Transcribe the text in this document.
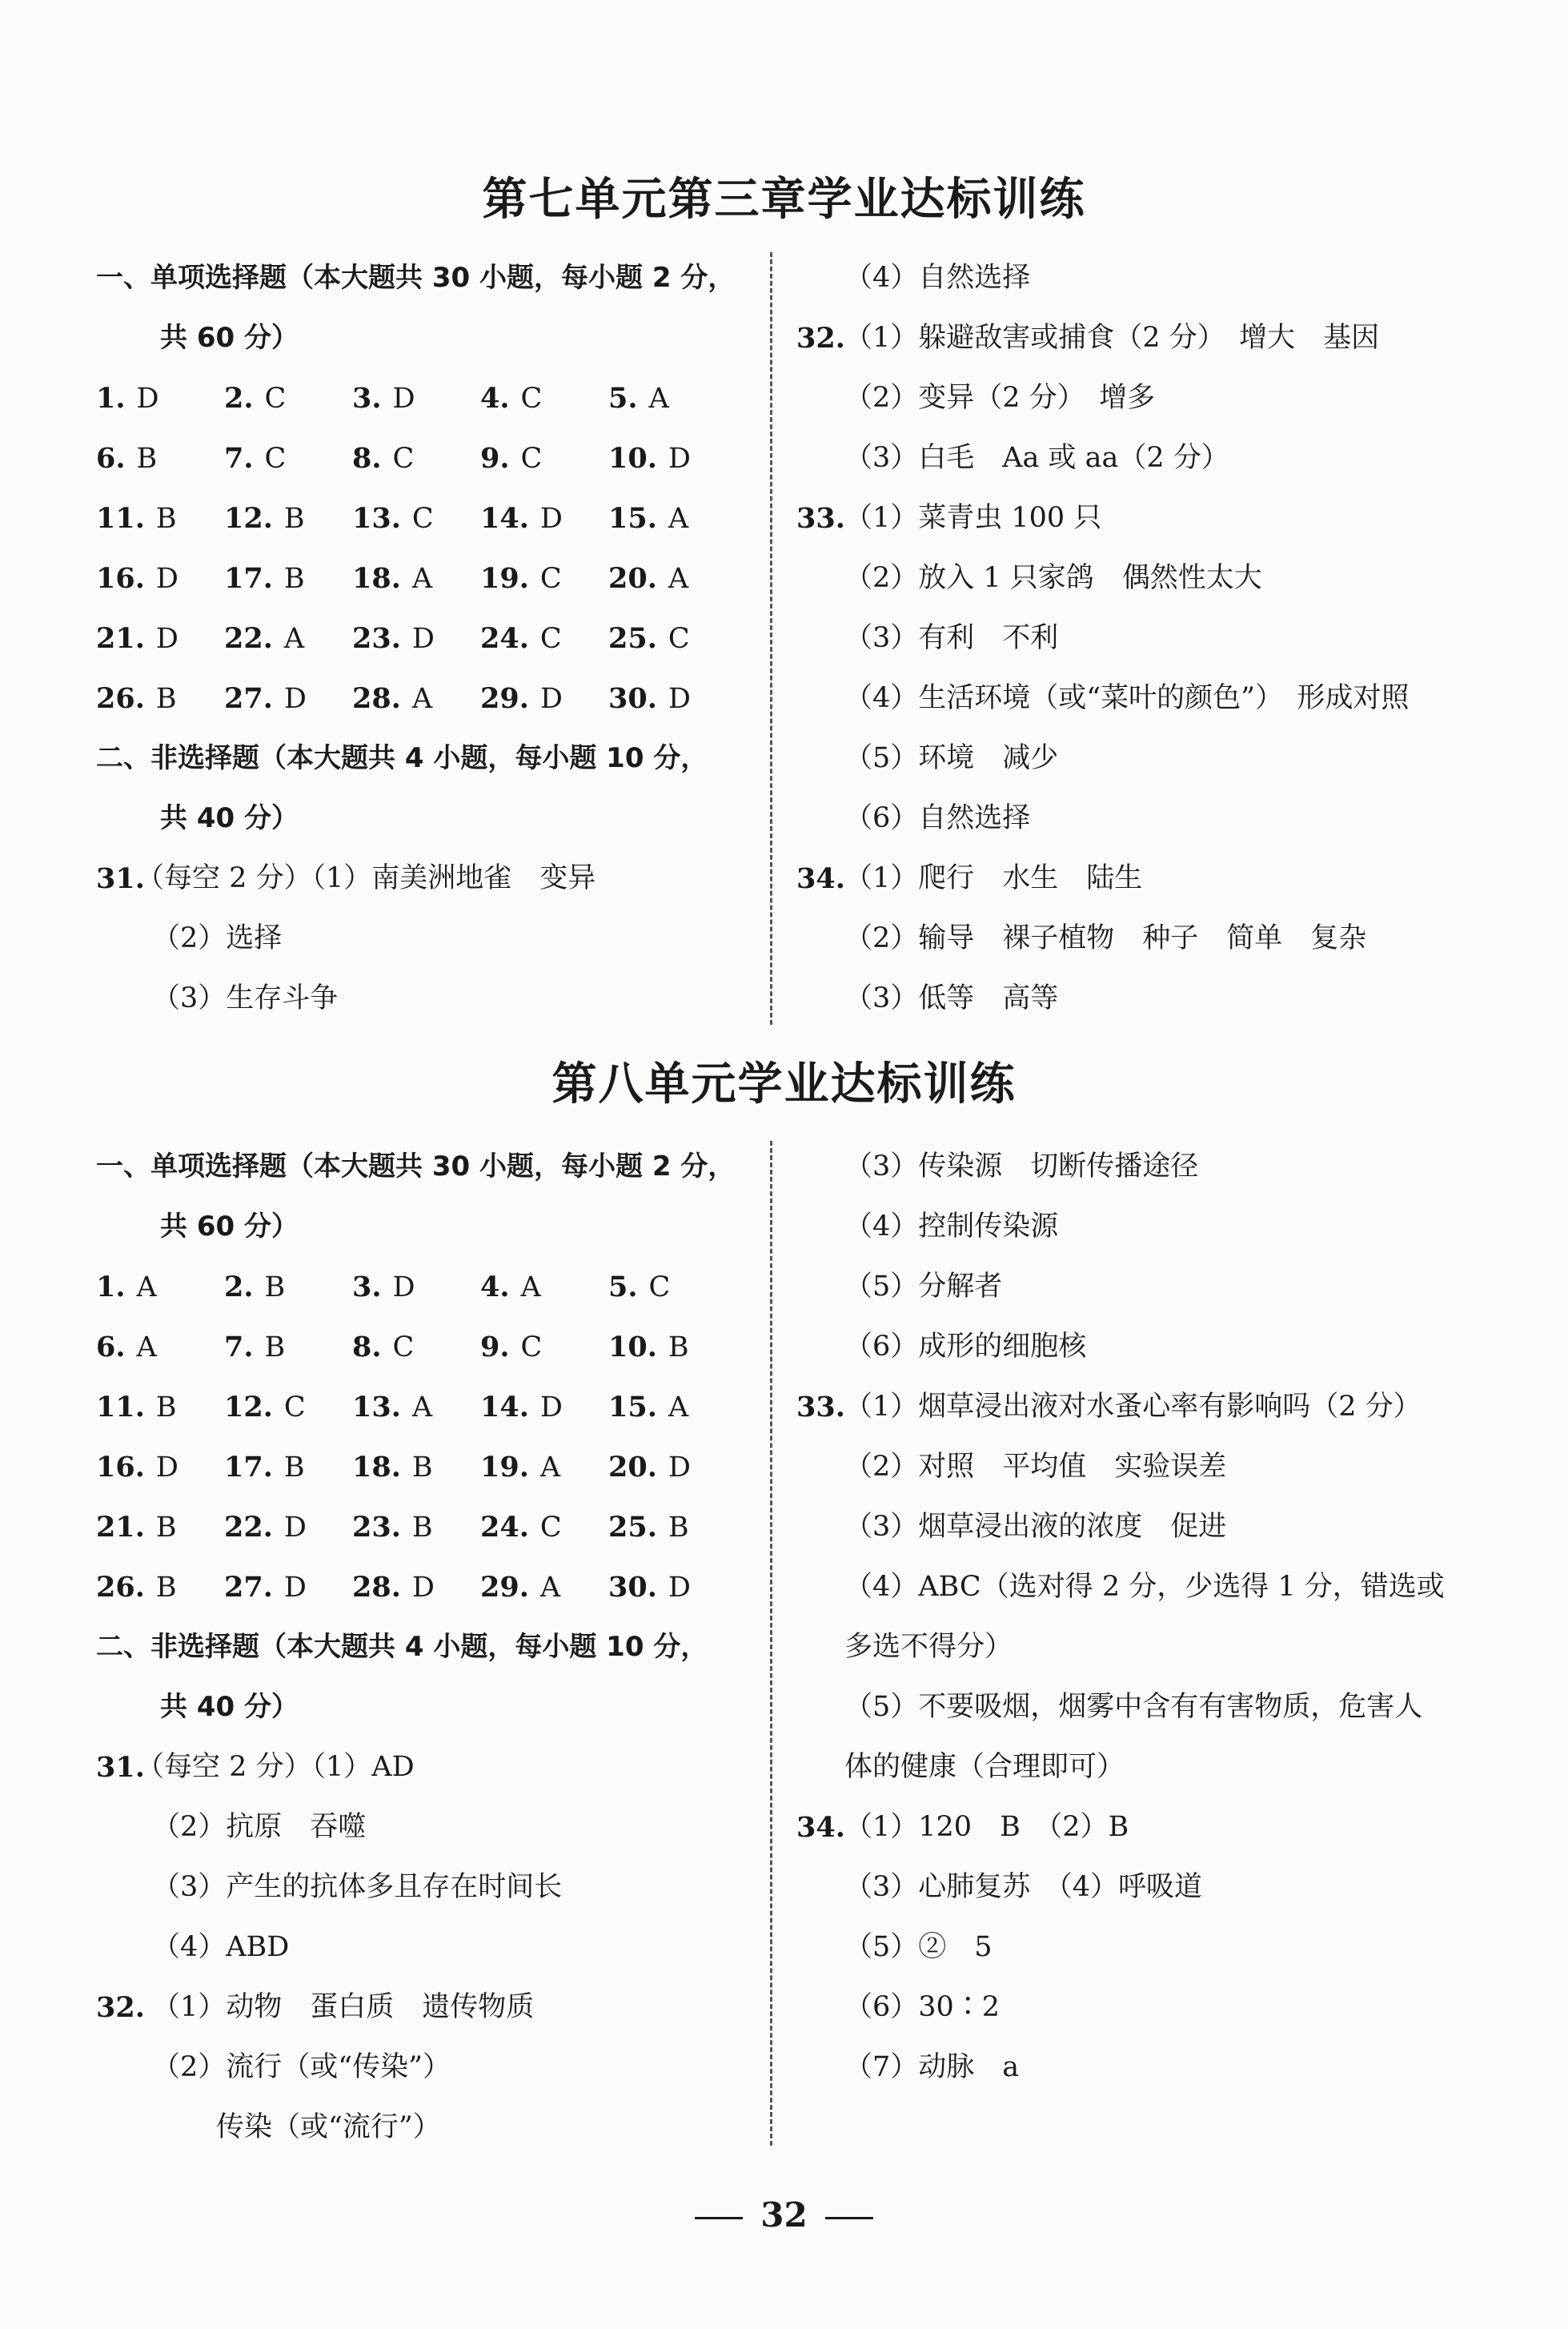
第七单元第三章学业达标训练
一、单项选择题（本大题共 30 小题，每小题 2 分，
共 60 分）
1. D	2. C	3. D	4. C	5. A
6. B	7. C	8. C	9. C	10. D
11. B	12. B	13. C	14. D	15. A
16. D	17. B	18. A	19. C	20. A
21. D	22. A	23. D	24. C	25. C
26. B	27. D	28. A	29. D	30. D
二、非选择题（本大题共 4 小题，每小题 10 分，
共 40 分）
31.
（每空 2 分）（1）南美洲地雀　变异
（2）选择
（3）生存斗争
（4）自然选择
32. （1）躲避敌害或捕食（2 分）　增大　基因
（2）变异（2 分）　增多
（3）白毛　Aa 或 aa（2 分）
33. （1）菜青虫 100 只
（2）放入 1 只家鸽　偶然性太大
（3）有利　不利
（4）生活环境（或“菜叶的颜色”）　形成对照
（5）环境　减少
（6）自然选择
34. （1）爬行　水生　陆生
（2）输导　裸子植物　种子　简单　复杂
（3）低等　高等
第八单元学业达标训练
一、单项选择题（本大题共 30 小题，每小题 2 分，
共 60 分）
1. A	2. B	3. D	4. A	5. C
6. A	7. B	8. C	9. C	10. B
11. B	12. C	13. A	14. D	15. A
16. D	17. B	18. B	19. A	20. D
21. B	22. D	23. B	24. C	25. B
26. B	27. D	28. D	29. A	30. D
二、非选择题（本大题共 4 小题，每小题 10 分，
共 40 分）
31.
（每空 2 分）（1）AD
（2）抗原　吞噬
（3）产生的抗体多且存在时间长
（4）ABD
32. （1）动物　蛋白质　遗传物质
（2）流行（或“传染”）
传染（或“流行”）
（3）传染源　切断传播途径
（4）控制传染源
（5）分解者
（6）成形的细胞核
33. （1）烟草浸出液对水蚤心率有影响吗（2 分）
（2）对照　平均值　实验误差
（3）烟草浸出液的浓度　促进
（4）ABC（选对得 2 分，少选得 1 分，错选或
多选不得分）
（5）不要吸烟，烟雾中含有有害物质，危害人
体的健康（合理即可）
34. （1）120　B　（2）B
（3）心肺复苏　（4）呼吸道
（5）②　5
（6）30∶2
（7）动脉　a
32
